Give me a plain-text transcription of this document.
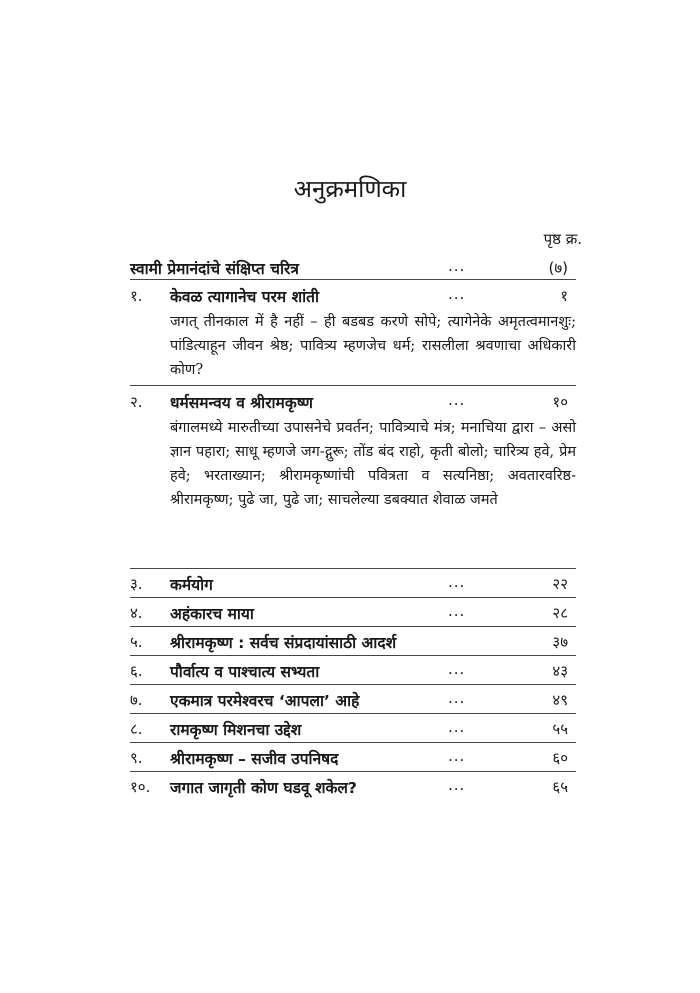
अनुक्रमणिका
पृष्ठ क्र.
स्वामी प्रेमानंदांचे संक्षिप्त चरित्र	...	(७)
१. केवळ त्यागानेच परम शांती	...	१
जगत् तीनकाल में है नहीं – ही बडबड करणे सोपे; त्यागेनेके अमृतत्वमानशुः; पांडित्याहून जीवन श्रेष्ठ; पावित्र्य म्हणजेच धर्म; रासलीला श्रवणाचा अधिकारी कोण?
२. धर्मसमन्वय व श्रीरामकृष्ण	...	१०
बंगालमध्ये मारुतीच्या उपासनेचे प्रवर्तन; पावित्र्याचे मंत्र; मनाचिया द्वारा – असो ज्ञान पहारा; साधू म्हणजे जग-द्गुरू; तोंड बंद राहो, कृती बोलो; चारित्र्य हवे, प्रेम हवे; भरताख्यान; श्रीरामकृष्णांची पवित्रता व सत्यनिष्ठा; अवतारवरिष्ठ-श्रीरामकृष्ण; पुढे जा, पुढे जा; साचलेल्या डबक्यात शेवाळ जमते
३. कर्मयोग	...	२२
४. अहंकारच माया	...	२८
५. श्रीरामकृष्ण : सर्वच संप्रदायांसाठी आदर्श	३७
६. पौर्वात्य व पाश्चात्य सभ्यता	...	४३
७. एकमात्र परमेश्वरच ‘आपला’ आहे	...	४९
८. रामकृष्ण मिशनचा उद्देश	...	५५
९. श्रीरामकृष्ण – सजीव उपनिषद	...	६०
१०. जगात जागृती कोण घडवू शकेल?	...	६५
